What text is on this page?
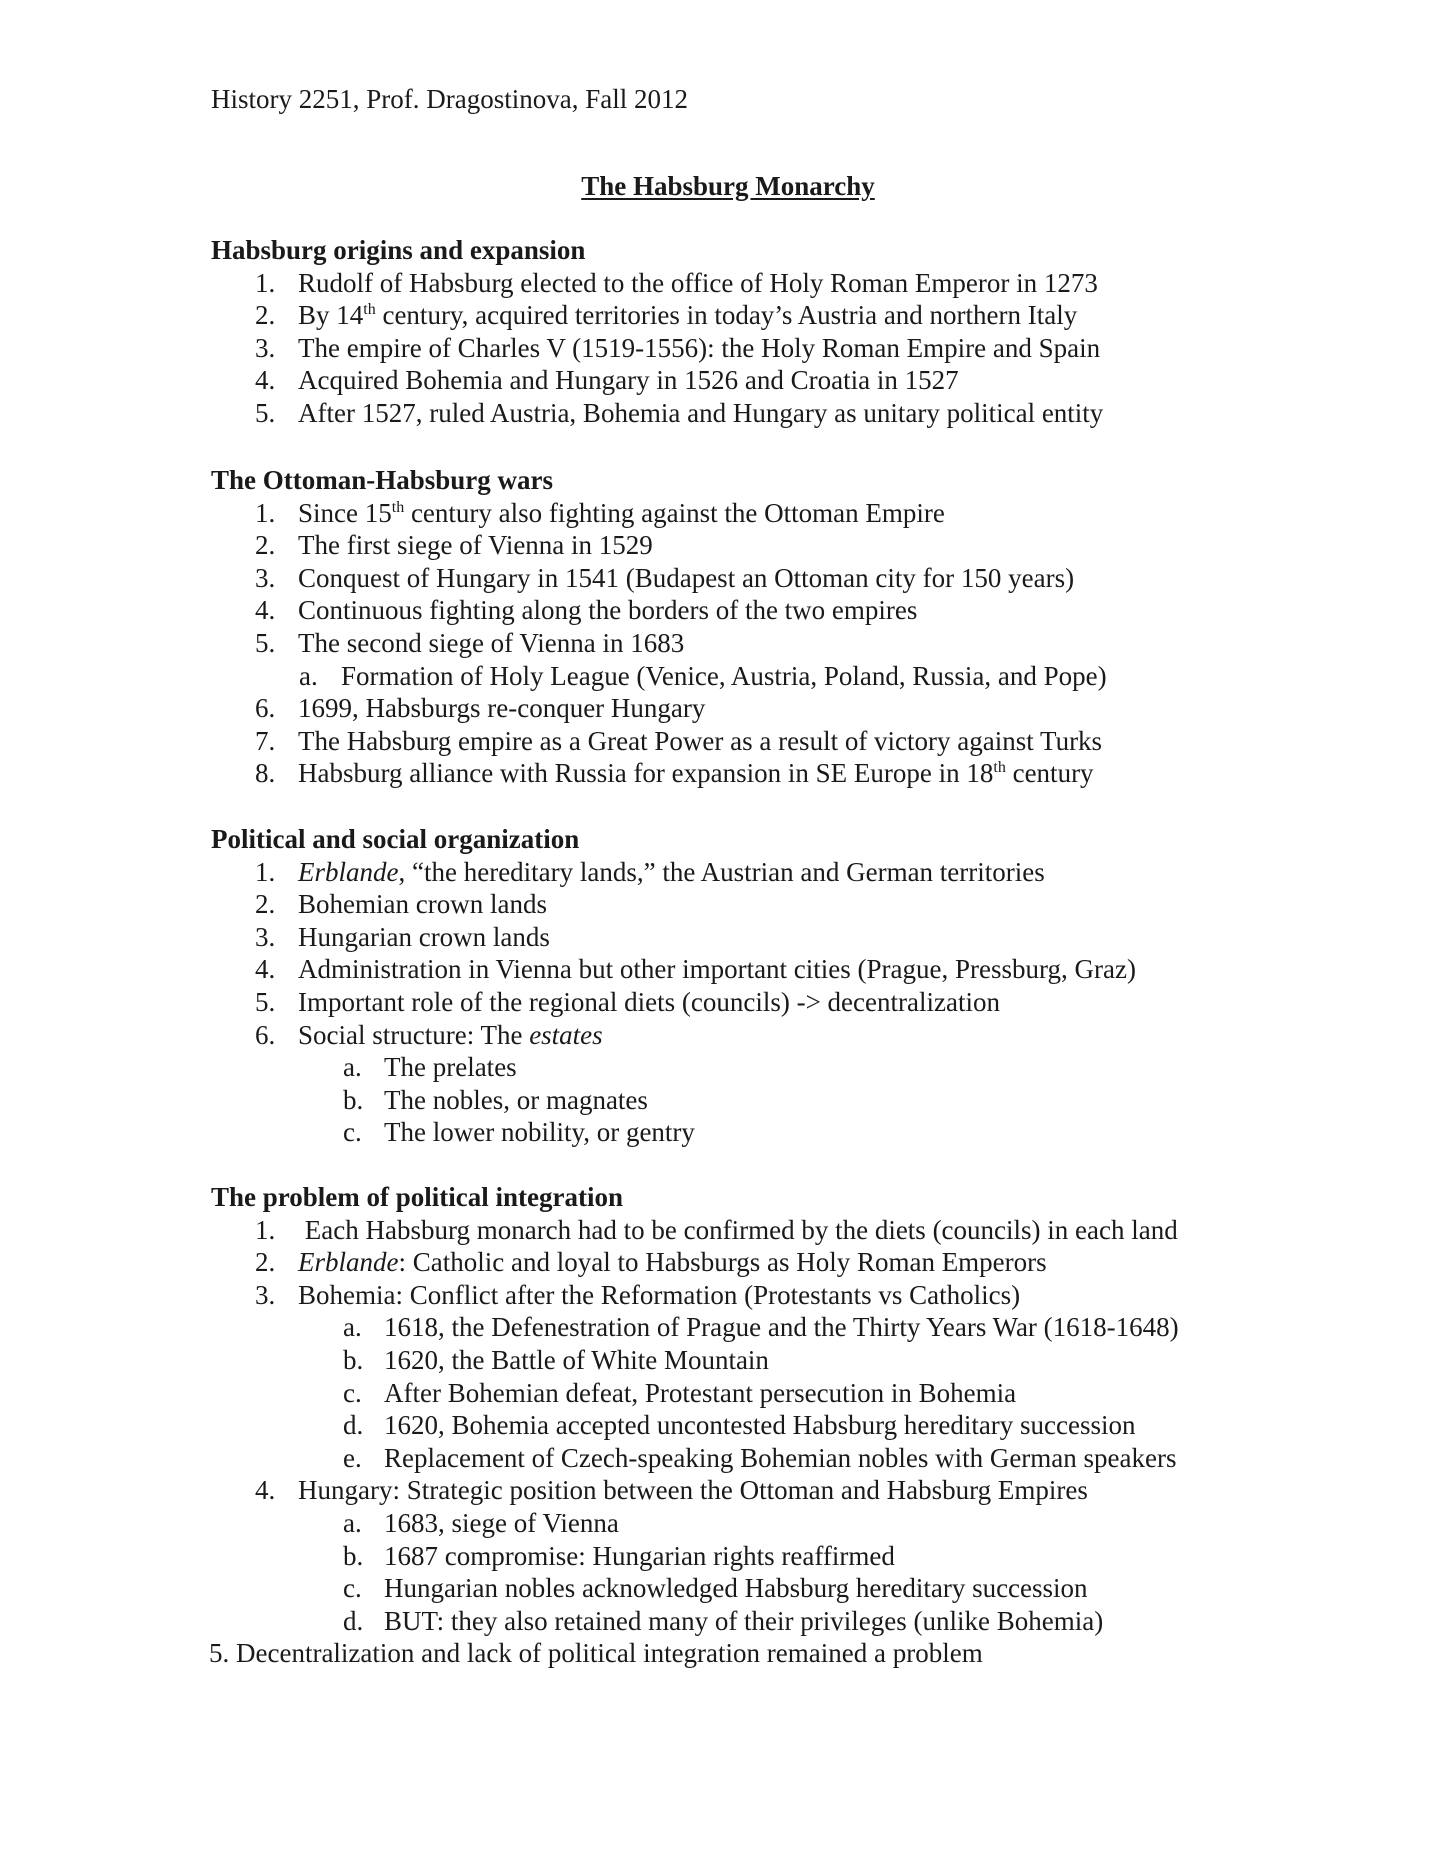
History 2251, Prof. Dragostinova, Fall 2012
The Habsburg Monarchy
Habsburg origins and expansion
1. Rudolf of Habsburg elected to the office of Holy Roman Emperor in 1273
2. By 14th century, acquired territories in today’s Austria and northern Italy
3. The empire of Charles V (1519-1556): the Holy Roman Empire and Spain
4. Acquired Bohemia and Hungary in 1526 and Croatia in 1527
5. After 1527, ruled Austria, Bohemia and Hungary as unitary political entity
The Ottoman-Habsburg wars
1. Since 15th century also fighting against the Ottoman Empire
2. The first siege of Vienna in 1529
3. Conquest of Hungary in 1541 (Budapest an Ottoman city for 150 years)
4. Continuous fighting along the borders of the two empires
5. The second siege of Vienna in 1683
a. Formation of Holy League (Venice, Austria, Poland, Russia, and Pope)
6. 1699, Habsburgs re-conquer Hungary
7. The Habsburg empire as a Great Power as a result of victory against Turks
8. Habsburg alliance with Russia for expansion in SE Europe in 18th century
Political and social organization
1. Erblande, “the hereditary lands,” the Austrian and German territories
2. Bohemian crown lands
3. Hungarian crown lands
4. Administration in Vienna but other important cities (Prague, Pressburg, Graz)
5. Important role of the regional diets (councils) -> decentralization
6. Social structure: The estates
a. The prelates
b. The nobles, or magnates
c. The lower nobility, or gentry
The problem of political integration
1. Each Habsburg monarch had to be confirmed by the diets (councils) in each land
2. Erblande: Catholic and loyal to Habsburgs as Holy Roman Emperors
3. Bohemia: Conflict after the Reformation (Protestants vs Catholics)
a. 1618, the Defenestration of Prague and the Thirty Years War (1618-1648)
b. 1620, the Battle of White Mountain
c. After Bohemian defeat, Protestant persecution in Bohemia
d. 1620, Bohemia accepted uncontested Habsburg hereditary succession
e. Replacement of Czech-speaking Bohemian nobles with German speakers
4. Hungary: Strategic position between the Ottoman and Habsburg Empires
a. 1683, siege of Vienna
b. 1687 compromise: Hungarian rights reaffirmed
c. Hungarian nobles acknowledged Habsburg hereditary succession
d. BUT: they also retained many of their privileges (unlike Bohemia)
5. Decentralization and lack of political integration remained a problem
